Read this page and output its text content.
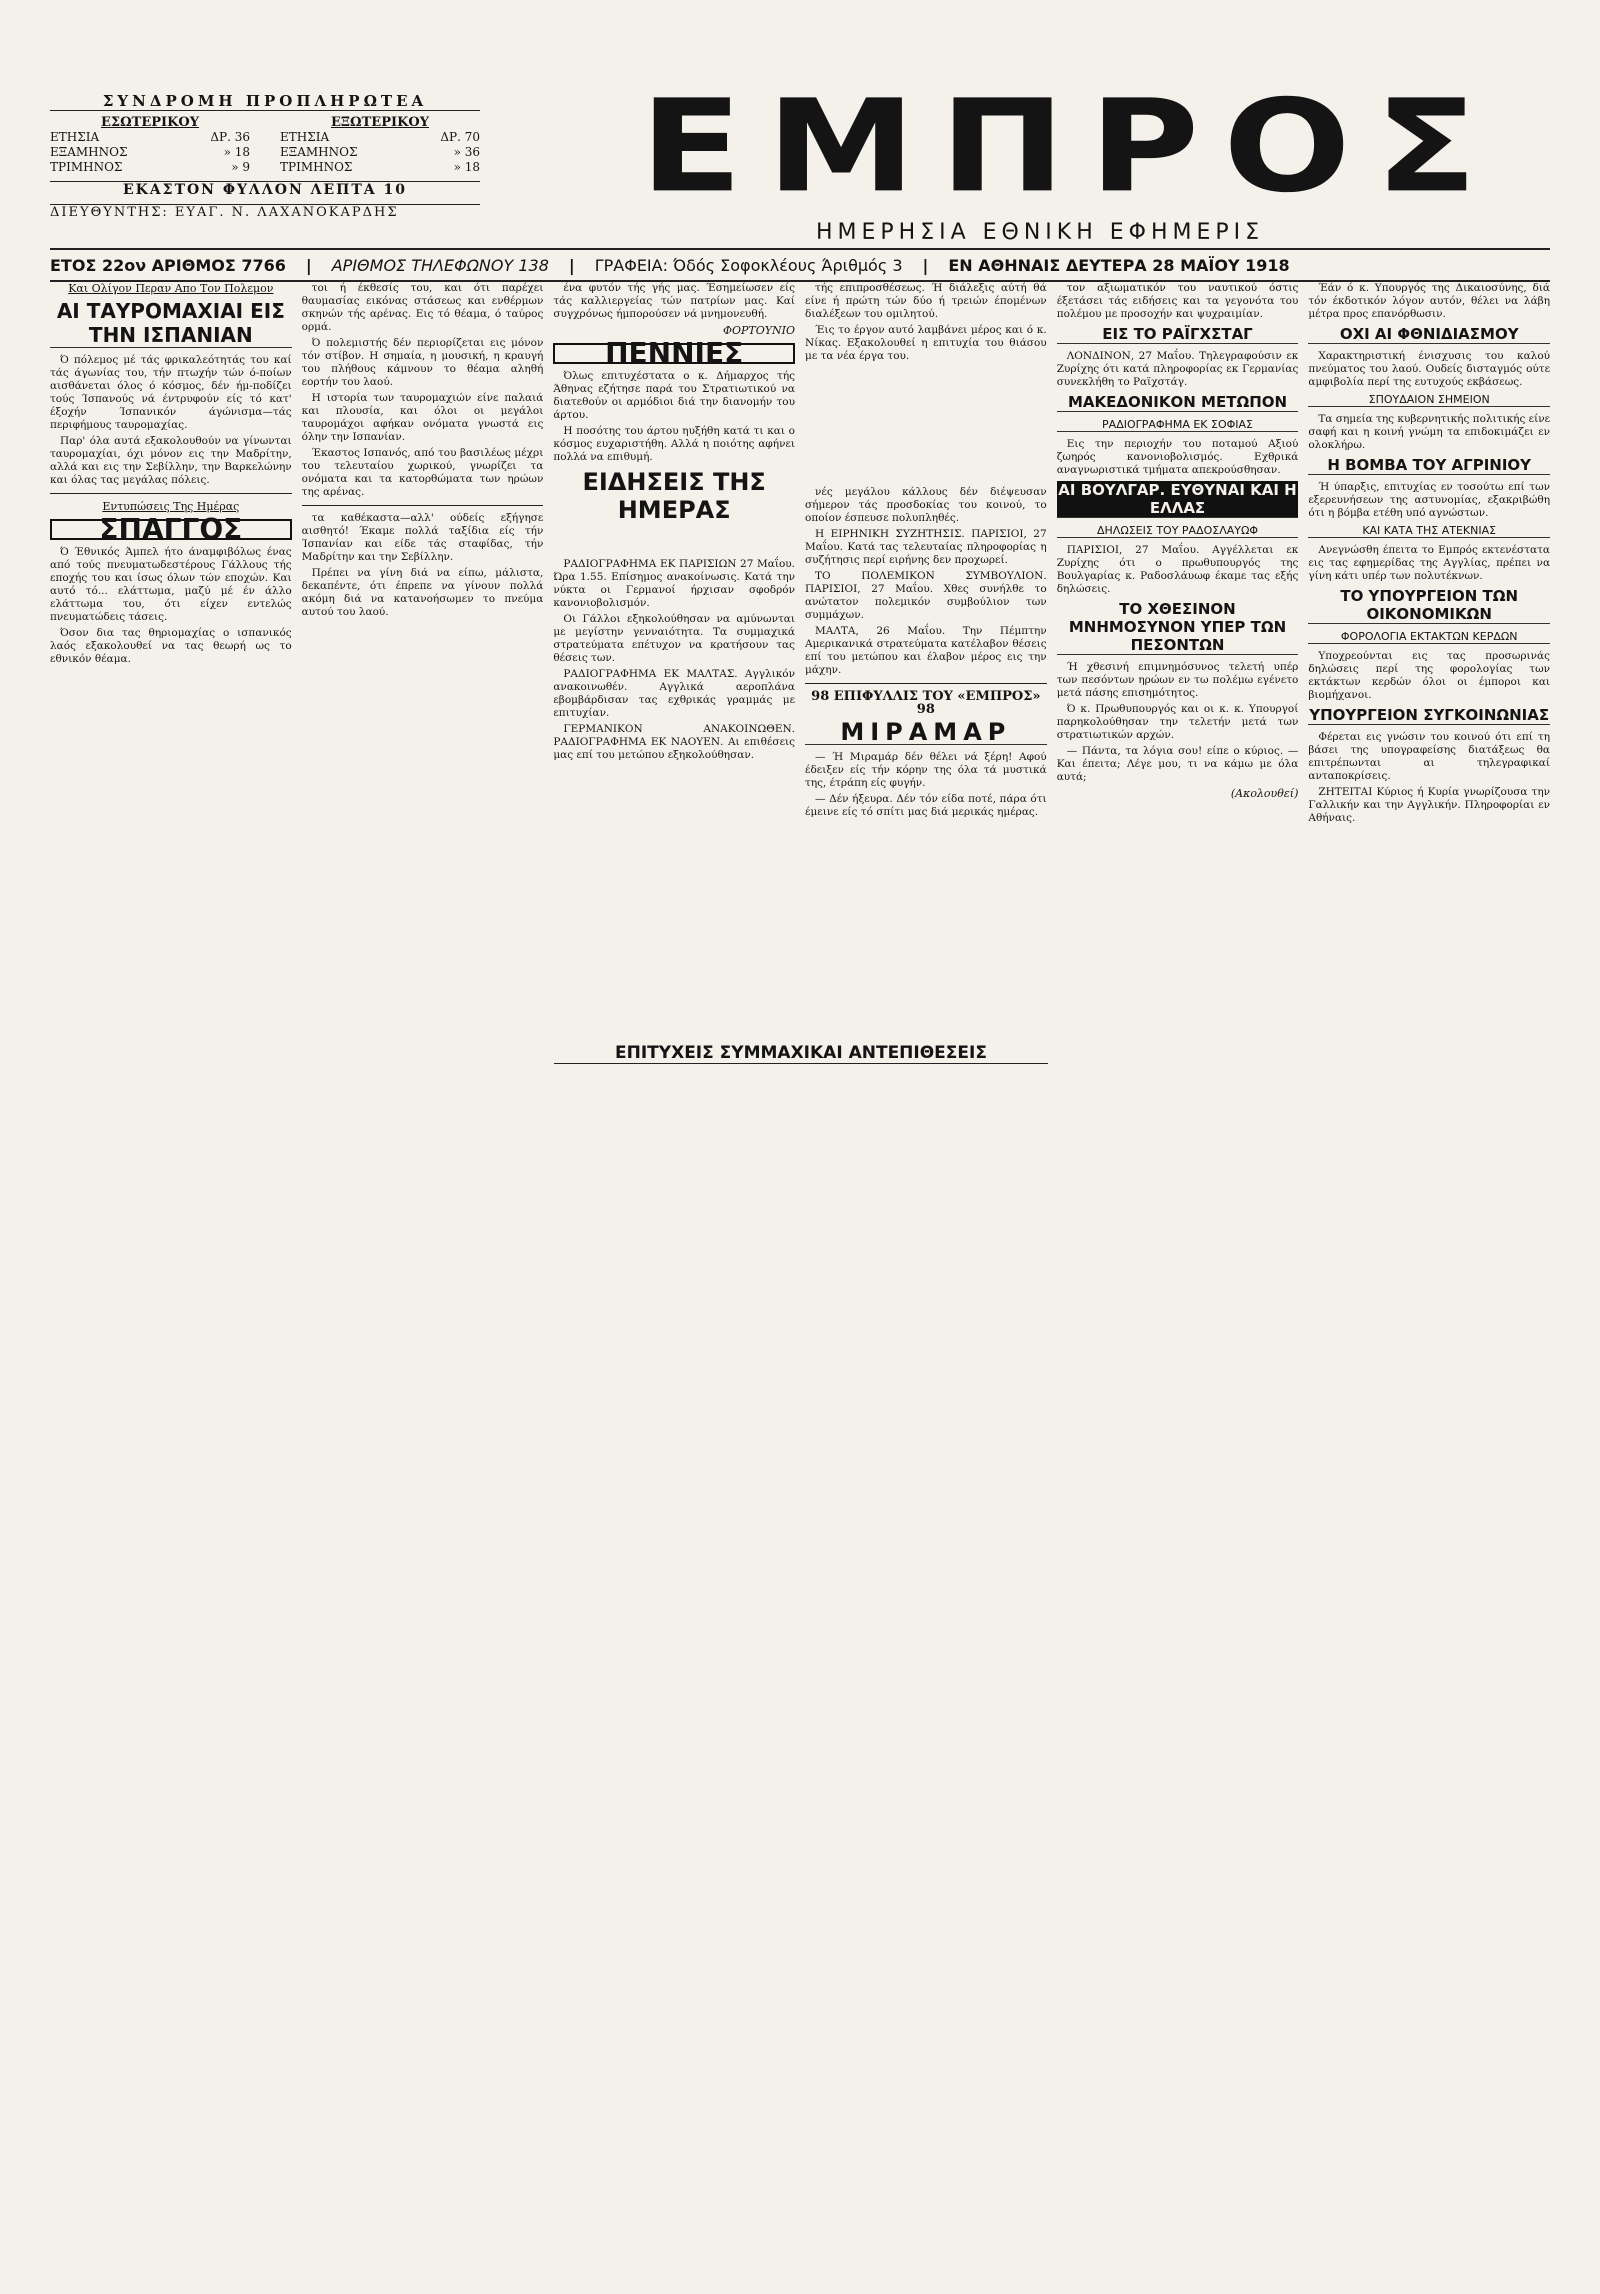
ΣΥΝΔΡΟΜΗ ΠΡΟΠΛΗΡΩΤΕΑ
ΕΣΩΤΕΡΙΚΟΥ
ΕΤΗΣΙΑ	ΔΡ. 36
ΕΞΑΜΗΝΟΣ	» 18
ΤΡΙΜΗΝΟΣ	» 9
ΕΞΩΤΕΡΙΚΟΥ
ΕΤΗΣΙΑ	ΔΡ. 70
ΕΞΑΜΗΝΟΣ	» 36
ΤΡΙΜΗΝΟΣ	» 18
ΕΚΑΣΤΟΝ ΦΥΛΛΟΝ ΛΕΠΤΑ 10
ΔΙΕΥΘΥΝΤΗΣ: ΕΥΑΓ. Ν. ΛΑΧΑΝΟΚΑΡΔΗΣ	ΕΜΠΡΟΣ
ΗΜΕΡΗΣΙΑ ΕΘΝΙΚΗ ΕΦΗΜΕΡΙΣ
ΕΤΟΣ 22ον ΑΡΙΘΜΟΣ 7766 | ΑΡΙΘΜΟΣ ΤΗΛΕΦΩΝΟΥ 138 | ΓΡΑΦΕΙΑ: Όδός Σοφοκλέους Άριθμός 3 | ΕΝ ΑΘΗΝΑΙΣ ΔΕΥΤΕΡΑ 28 ΜΑΪΟΥ 1918
Και Ολίγον Περαν Απο Τον Πολεμον
ΑΙ ΤΑΥΡΟΜΑΧΙΑΙ ΕΙΣ ΤΗΝ ΙΣΠΑΝΙΑΝ

Ό πόλεμος μέ τάς φρικαλεότητάς του καί τάς άγωνίας του, τήν πτωχήν τών ό-ποίων αισθάνεται όλος ό κόσμος, δέν ήμ-ποδίζει τούς Ίσπανούς νά έντρυφούν είς τό κατ' έξοχήν Ίσπανικόν άγώνισμα—τάς περιφήμους ταυρομαχίας.

Παρ' όλα αυτά εξακολουθούν να γίνωνται ταυρομαχίαι, όχι μόνον εις την Μαδρίτην, αλλά και εις την Σεβίλλην, την Βαρκελώνην και όλας τας μεγάλας πόλεις.

Εντυπώσεις Της Ημέρας
ΣΠΑΓΓΟΣ

Ό Έθνικός Άμπελ ήτο άναμφιβόλως ένας από τούς πνευματωδεστέρους Γάλλους τής εποχής του και ίσως όλων τών εποχών. Και αυτό τό... ελάττωμα, μαζύ μέ έν άλλο ελάττωμα του, ότι είχεν εντελώς πνευματώδεις τάσεις.

Όσον δια τας θηριομαχίας ο ισπανικός λαός εξακολουθεί να τας θεωρή ως το εθνικόν θέαμα.

τοι ή έκθεσίς του, και ότι παρέχει θαυμασίας εικόνας στάσεως και ενθέρμων σκηνών τής αρένας. Εις τό θέαμα, ό ταύρος ορμά.

Ό πολεμιστής δέν περιορίζεται εις μόνον τόν στίβον. Η σημαία, η μουσική, η κραυγή του πλήθους κάμνουν το θέαμα αληθή εορτήν του λαού.

Η ιστορία των ταυρομαχιών είνε παλαιά και πλουσία, και όλοι οι μεγάλοι ταυρομάχοι αφήκαν ονόματα γνωστά εις όλην την Ισπανίαν.

Έκαστος Ισπανός, από του βασιλέως μέχρι του τελευταίου χωρικού, γνωρίζει τα ονόματα και τα κατορθώματα των ηρώων της αρένας.

τα καθέκαστα—αλλ' ούδείς εξήγησε αισθητό! Έκαμε πολλά ταξίδια είς τήν Ίσπανίαν και είδε τάς σταφίδας, τήν Μαδρίτην και την Σεβίλλην.

Πρέπει να γίνη διά να είπω, μάλιστα, δεκαπέντε, ότι έπρεπε να γίνουν πολλά ακόμη διά να κατανοήσωμεν το πνεύμα αυτού του λαού.

ένα φυτόν τής γής μας. Έσημείωσεν είς τάς καλλιεργείας τών πατρίων μας. Καί συγχρόνως ήμπορούσεν νά μνημονευθή.

ΦΟΡΤΟΥΝΙΟ
ΠΕΝΝΙΕΣ

Όλως επιτυχέστατα ο κ. Δήμαρχος τής Άθηνας εζήτησε παρά του Στρατιωτικού να διατεθούν οι αρμόδιοι διά την διανομήν του άρτου.

Η ποσότης του άρτου ηυξήθη κατά τι και ο κόσμος ευχαριστήθη. Αλλά η ποιότης αφήνει πολλά να επιθυμή.

ΕΙΔΗΣΕΙΣ ΤΗΣ ΗΜΕΡΑΣ

ΡΑΔΙΟΓΡΑΦΗΜΑ ΕΚ ΠΑΡΙΣΙΩΝ 27 Μαΐου. Ώρα 1.55. Επίσημος ανακοίνωσις. Κατά την νύκτα οι Γερμανοί ήρχισαν σφοδρόν κανονιοβολισμόν.

Οι Γάλλοι εξηκολούθησαν να αμύνωνται με μεγίστην γενναιότητα. Τα συμμαχικά στρατεύματα επέτυχον να κρατήσουν τας θέσεις των.

ΡΑΔΙΟΓΡΑΦΗΜΑ ΕΚ ΜΑΛΤΑΣ. Αγγλικόν ανακοινωθέν. Αγγλικά αεροπλάνα εβομβάρδισαν τας εχθρικάς γραμμάς με επιτυχίαν.

ΓΕΡΜΑΝΙΚΟΝ ΑΝΑΚΟΙΝΩΘΕΝ. ΡΑΔΙΟΓΡΑΦΗΜΑ ΕΚ ΝΑΟΥΕΝ. Αι επιθέσεις μας επί του μετώπου εξηκολούθησαν.

τής επιπροσθέσεως. Ή διάλεξις αύτή θά είνε ή πρώτη τών δύο ή τρειών έπομένων διαλέξεων του ομιλητού.

Έις το έργον αυτό λαμβάνει μέρος και ό κ. Νίκας. Εξακολουθεί η επιτυχία του θιάσου με τα νέα έργα του.

νές μεγάλου κάλλους δέν διέψευσαν σήμερον τάς προσδοκίας του κοινού, το οποίον έσπευσε πολυπληθές.

Η ΕΙΡΗΝΙΚΗ ΣΥΖΗΤΗΣΙΣ. ΠΑΡΙΣΙΟΙ, 27 Μαΐου. Κατά τας τελευταίας πληροφορίας η συζήτησις περί ειρήνης δεν προχωρεί.

ΤΟ ΠΟΛΕΜΙΚΟΝ ΣΥΜΒΟΥΛΙΟΝ. ΠΑΡΙΣΙΟΙ, 27 Μαΐου. Χθες συνήλθε το ανώτατον πολεμικόν συμβούλιον των συμμάχων.

ΜΑΛΤΑ, 26 Μαΐου. Την Πέμπτην Αμερικανικά στρατεύματα κατέλαβον θέσεις επί του μετώπου και έλαβον μέρος εις την μάχην.

98 ΕΠΙΦΥΛΛΙΣ ΤΟΥ «ΕΜΠΡΟΣ» 98
ΜΙΡΑΜΑΡ

— Ή Μιραμάρ δέν θέλει νά ξέρη! Αφού έδειξεν είς τήν κόρην της όλα τά μυστικά της, έτράπη είς φυγήν.

— Δέν ήξευρα. Δέν τόν είδα ποτέ, πάρα ότι έμεινε είς τό σπίτι μας διά μερικάς ημέρας.

τον αξιωματικόν του ναυτικού όστις έξετάσει τάς ειδήσεις και τα γεγονότα του πολέμου με προσοχήν και ψυχραιμίαν.

ΕΙΣ ΤΟ ΡΑΪΓΧΣΤΑΓ

ΛΟΝΔΙΝΟΝ, 27 Μαΐου. Τηλεγραφούσιν εκ Ζυρίχης ότι κατά πληροφορίας εκ Γερμανίας συνεκλήθη το Ραϊχστάγ.

ΜΑΚΕΔΟΝΙΚΟΝ ΜΕΤΩΠΟΝ
ΡΑΔΙΟΓΡΑΦΗΜΑ ΕΚ ΣΟΦΙΑΣ

Εις την περιοχήν του ποταμού Αξιού ζωηρός κανονιοβολισμός. Εχθρικά αναγνωριστικά τμήματα απεκρούσθησαν.

ΑΙ ΒΟΥΛΓΑΡ. ΕΥΘΥΝΑΙ ΚΑΙ Η ΕΛΛΑΣ
ΔΗΛΩΣΕΙΣ ΤΟΥ ΡΑΔΟΣΛΑΥΩΦ

ΠΑΡΙΣΙΟΙ, 27 Μαΐου. Αγγέλλεται εκ Ζυρίχης ότι ο πρωθυπουργός της Βουλγαρίας κ. Ραδοσλάυωφ έκαμε τας εξής δηλώσεις.

ΤΟ ΧΘΕΣΙΝΟΝ ΜΝΗΜΟΣΥΝΟΝ ΥΠΕΡ ΤΩΝ ΠΕΣΟΝΤΩΝ

Ή χθεσινή επιμνημόσυνος τελετή υπέρ των πεσόντων ηρώων εν τω πολέμω εγένετο μετά πάσης επισημότητος.

Ό κ. Πρωθυπουργός και οι κ. κ. Υπουργοί παρηκολούθησαν την τελετήν μετά των στρατιωτικών αρχών.

— Πάντα, τα λόγια σου! είπε ο κύριος. — Και έπειτα; Λέγε μου, τι να κάμω με όλα αυτά;

(Ακολουθεί)

Έάν ό κ. Υπουργός της Δικαιοσύνης, διά τόν έκδοτικόν λόγον αυτόν, θέλει να λάβη μέτρα προς επανόρθωσιν.

ΟΧΙ ΑΙ ΦΘΝΙΔΙΑΣΜΟΥ

Χαρακτηριστική ένισχυσις του καλού πνεύματος του λαού. Ουδείς δισταγμός ούτε αμφιβολία περί της ευτυχούς εκβάσεως.

ΣΠΟΥΔΑΙΟΝ ΣΗΜΕΙΟΝ

Τα σημεία της κυβερνητικής πολιτικής είνε σαφή και η κοινή γνώμη τα επιδοκιμάζει εν ολοκλήρω.

Η ΒΟΜΒΑ ΤΟΥ ΑΓΡΙΝΙΟΥ

Ή ύπαρξις, επιτυχίας εν τοσούτω επί των εξερευνήσεων της αστυνομίας, εξακριβώθη ότι η βόμβα ετέθη υπό αγνώστων.

ΚΑΙ ΚΑΤΑ ΤΗΣ ΑΤΕΚΝΙΑΣ

Ανεγνώσθη έπειτα το Εμπρός εκτενέστατα εις τας εφημερίδας της Αγγλίας, πρέπει να γίνη κάτι υπέρ των πολυτέκνων.

ΤΟ ΥΠΟΥΡΓΕΙΟΝ ΤΩΝ ΟΙΚΟΝΟΜΙΚΩΝ
ΦΟΡΟΛΟΓΙΑ ΕΚΤΑΚΤΩΝ ΚΕΡΔΩΝ

Υποχρεούνται εις τας προσωρινάς δηλώσεις περί της φορολογίας των εκτάκτων κερδών όλοι οι έμποροι και βιομήχανοι.

ΥΠΟΥΡΓΕΙΟΝ ΣΥΓΚΟΙΝΩΝΙΑΣ

Φέρεται εις γνώσιν του κοινού ότι επί τη βάσει της υπογραφείσης διατάξεως θα επιτρέπωνται αι τηλεγραφικαί ανταποκρίσεις.

ΖΗΤΕΙΤΑΙ Κύριος ή Κυρία γνωρίζουσα την Γαλλικήν και την Αγγλικήν. Πληροφορίαι εν Αθήναις.

ΕΠΙΤΥΧΕΙΣ ΣΥΜΜΑΧΙΚΑΙ ΑΝΤΕΠΙΘΕΣΕΙΣ
